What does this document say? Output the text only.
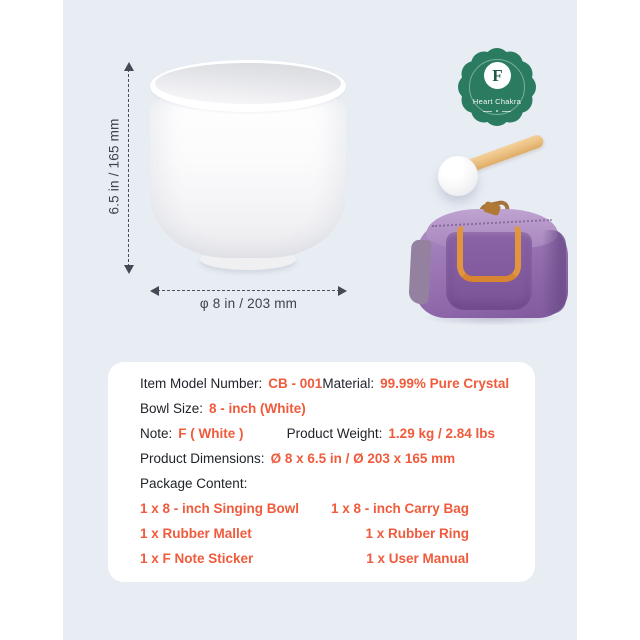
6.5 in / 165 mm
φ 8 in / 203 mm
F
Heart Chakra
Item Model Number: CB - 001 Material: 99.99% Pure Crystal
Bowl Size: 8 - inch (White)
Note: F ( White )	Product Weight: 1.29 kg / 2.84 lbs
Product Dimensions: Ø 8 x 6.5 in / Ø 203 x 165 mm
Package Content:
1 x 8 - inch Singing Bowl 1 x 8 - inch Carry Bag
1 x Rubber Mallet	1 x Rubber Ring
1 x F Note Sticker	1 x User Manual
